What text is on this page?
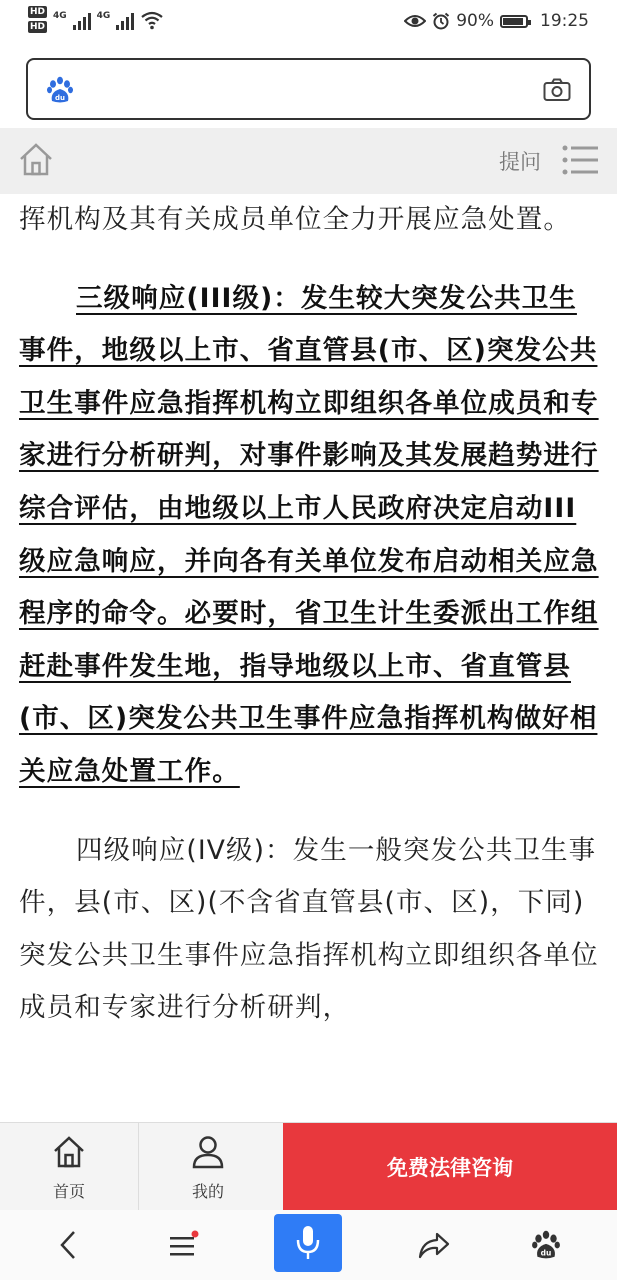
HD
HD
4G	4G	90%	19:25
du
提问

挥机构及其有关成员单位全力开展应急处置。

三级响应(III级)：发生较大突发公共卫生事件，地级以上市、省直管县(市、区)突发公共卫生事件应急指挥机构立即组织各单位成员和专家进行分析研判，对事件影响及其发展趋势进行综合评估，由地级以上市人民政府决定启动III级应急响应，并向各有关单位发布启动相关应急程序的命令。必要时，省卫生计生委派出工作组赶赴事件发生地，指导地级以上市、省直管县(市、区)突发公共卫生事件应急指挥机构做好相关应急处置工作。

四级响应(IV级)：发生一般突发公共卫生事件，县(市、区)(不含省直管县(市、区)，下同)突发公共卫生事件应急指挥机构立即组织各单位成员和专家进行分析研判，

首页	我的
免费法律咨询
du
